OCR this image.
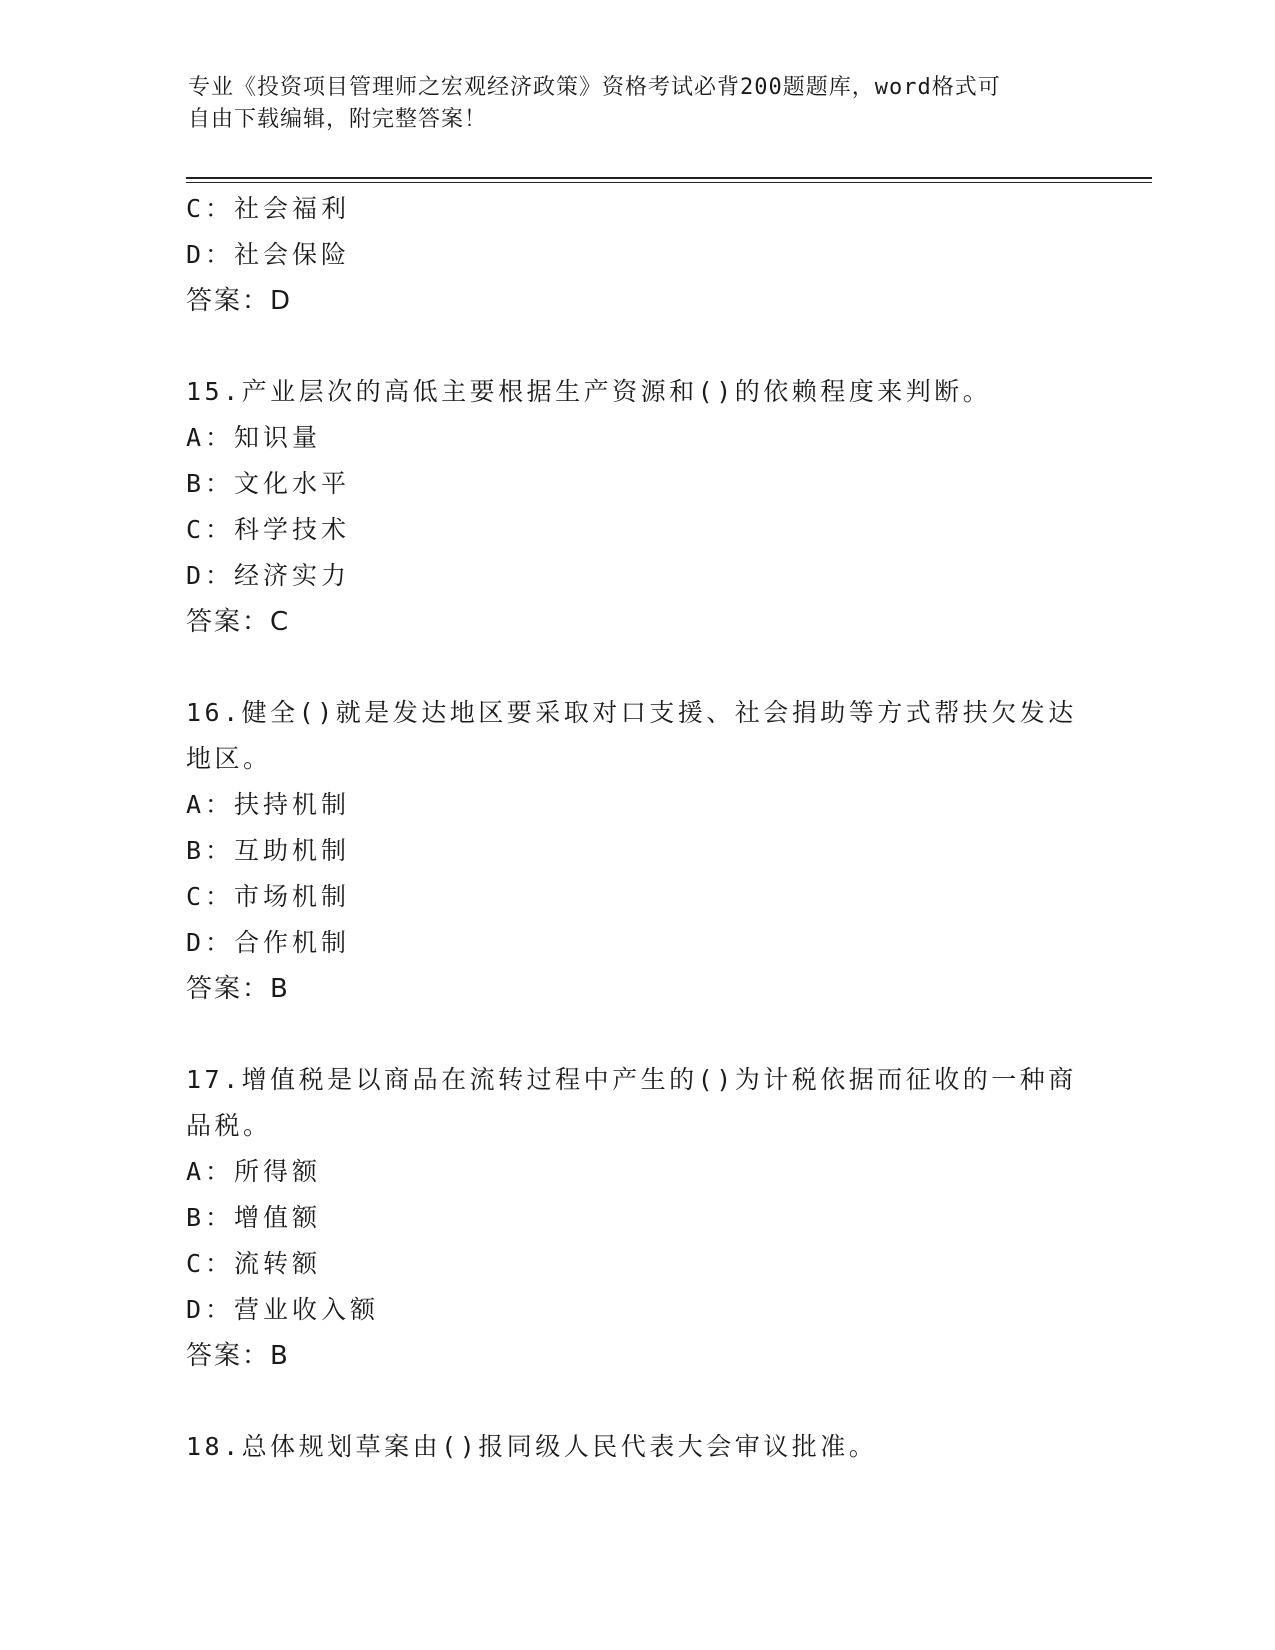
专业《投资项目管理师之宏观经济政策》资格考试必背200题题库，word格式可
自由下载编辑，附完整答案！
C：社会福利
D：社会保险
答案：D
15.产业层次的高低主要根据生产资源和()的依赖程度来判断。
A：知识量
B：文化水平
C：科学技术
D：经济实力
答案：C
16.健全()就是发达地区要采取对口支援、社会捐助等方式帮扶欠发达
地区。
A：扶持机制
B：互助机制
C：市场机制
D：合作机制
答案：B
17.增值税是以商品在流转过程中产生的()为计税依据而征收的一种商
品税。
A：所得额
B：增值额
C：流转额
D：营业收入额
答案：B
18.总体规划草案由()报同级人民代表大会审议批准。
